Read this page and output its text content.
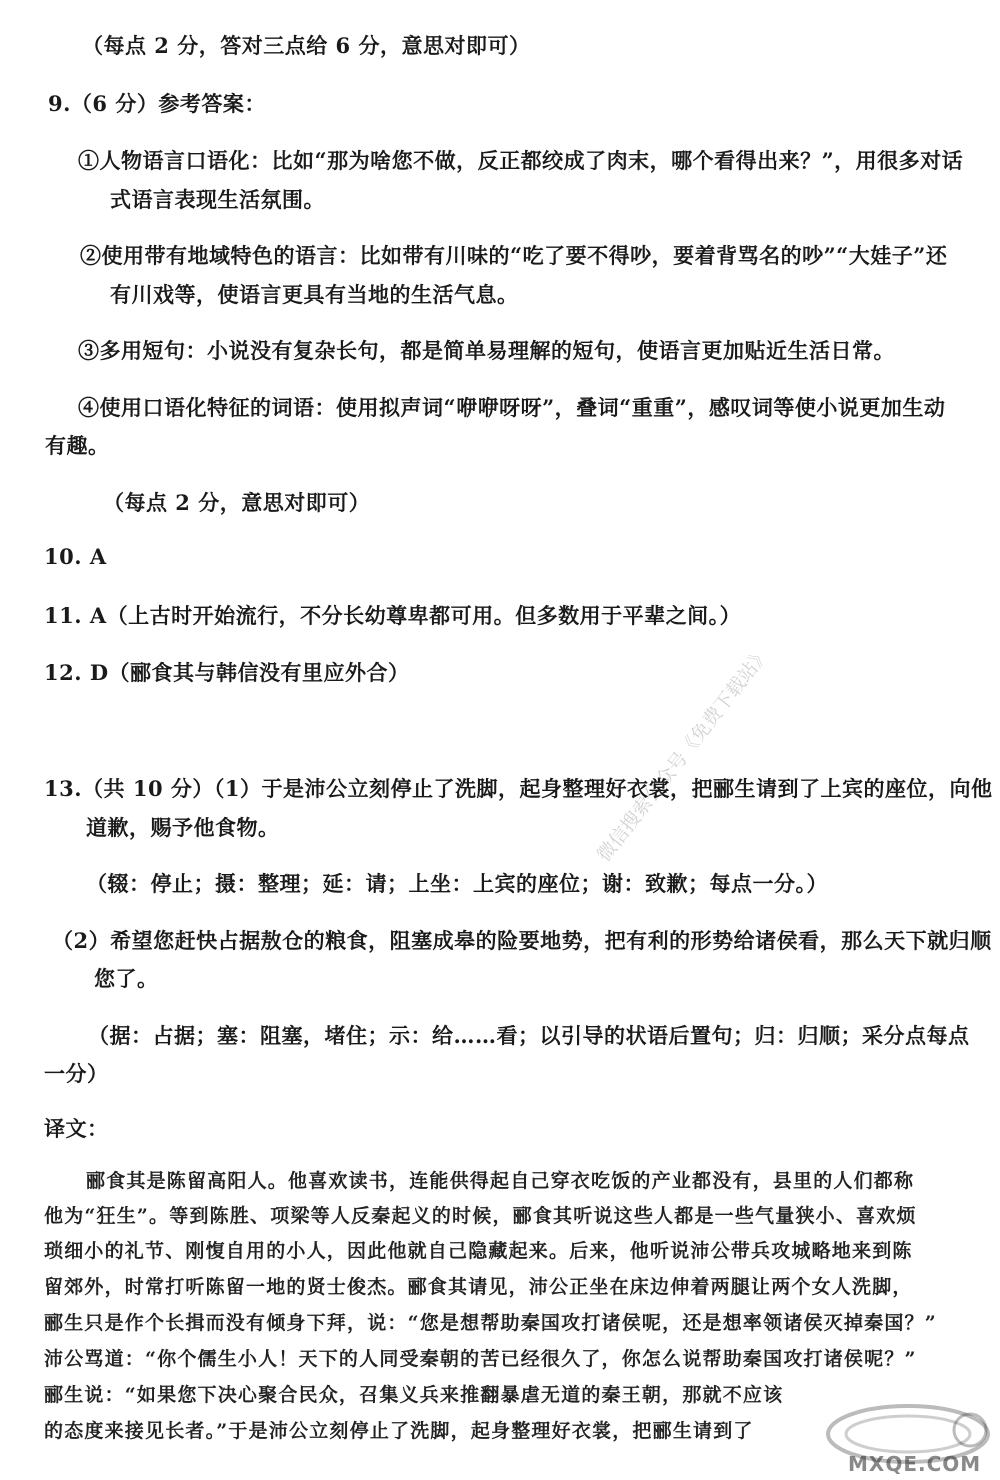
（每点 2 分，答对三点给 6 分，意思对即可）
9.（6 分）参考答案：
①人物语言口语化：比如“那为啥您不做，反正都绞成了肉末，哪个看得出来？”，用很多对话
式语言表现生活氛围。
②使用带有地域特色的语言：比如带有川味的“吃了要不得吵，要着背骂名的吵”“大娃子”还
有川戏等，使语言更具有当地的生活气息。
③多用短句：小说没有复杂长句，都是简单易理解的短句，使语言更加贴近生活日常。
④使用口语化特征的词语：使用拟声词“咿咿呀呀”，叠词“重重”，感叹词等使小说更加生动
有趣。
（每点 2 分，意思对即可）
10. A
11. A（上古时开始流行，不分长幼尊卑都可用。但多数用于平辈之间。）
12. D（郦食其与韩信没有里应外合）
13.（共 10 分）（1）于是沛公立刻停止了洗脚，起身整理好衣裳，把郦生请到了上宾的座位，向他
道歉，赐予他食物。
（辍：停止；摄：整理；延：请；上坐：上宾的座位；谢：致歉；每点一分。）
（2）希望您赶快占据敖仓的粮食，阻塞成皋的险要地势，把有利的形势给诸侯看，那么天下就归顺
您了。
（据：占据；塞：阻塞，堵住；示：给……看；以引导的状语后置句；归：归顺；采分点每点
一分）
译文：
郦食其是陈留高阳人。他喜欢读书，连能供得起自己穿衣吃饭的产业都没有，县里的人们都称
他为“狂生”。等到陈胜、项梁等人反秦起义的时候，郦食其听说这些人都是一些气量狭小、喜欢烦
琐细小的礼节、刚愎自用的小人，因此他就自己隐藏起来。后来，他听说沛公带兵攻城略地来到陈
留郊外，时常打听陈留一地的贤士俊杰。郦食其请见，沛公正坐在床边伸着两腿让两个女人洗脚，
郦生只是作个长揖而没有倾身下拜，说：“您是想帮助秦国攻打诸侯呢，还是想率领诸侯灭掉秦国？”
沛公骂道：“你个儒生小人！天下的人同受秦朝的苦已经很久了，你怎么说帮助秦国攻打诸侯呢？”
郦生说：“如果您下决心聚合民众，召集义兵来推翻暴虐无道的秦王朝，那就不应该
的态度来接见长者。”于是沛公立刻停止了洗脚，起身整理好衣裳，把郦生请到了
微信搜索公众号《免费下载站》
MXQE.COM
